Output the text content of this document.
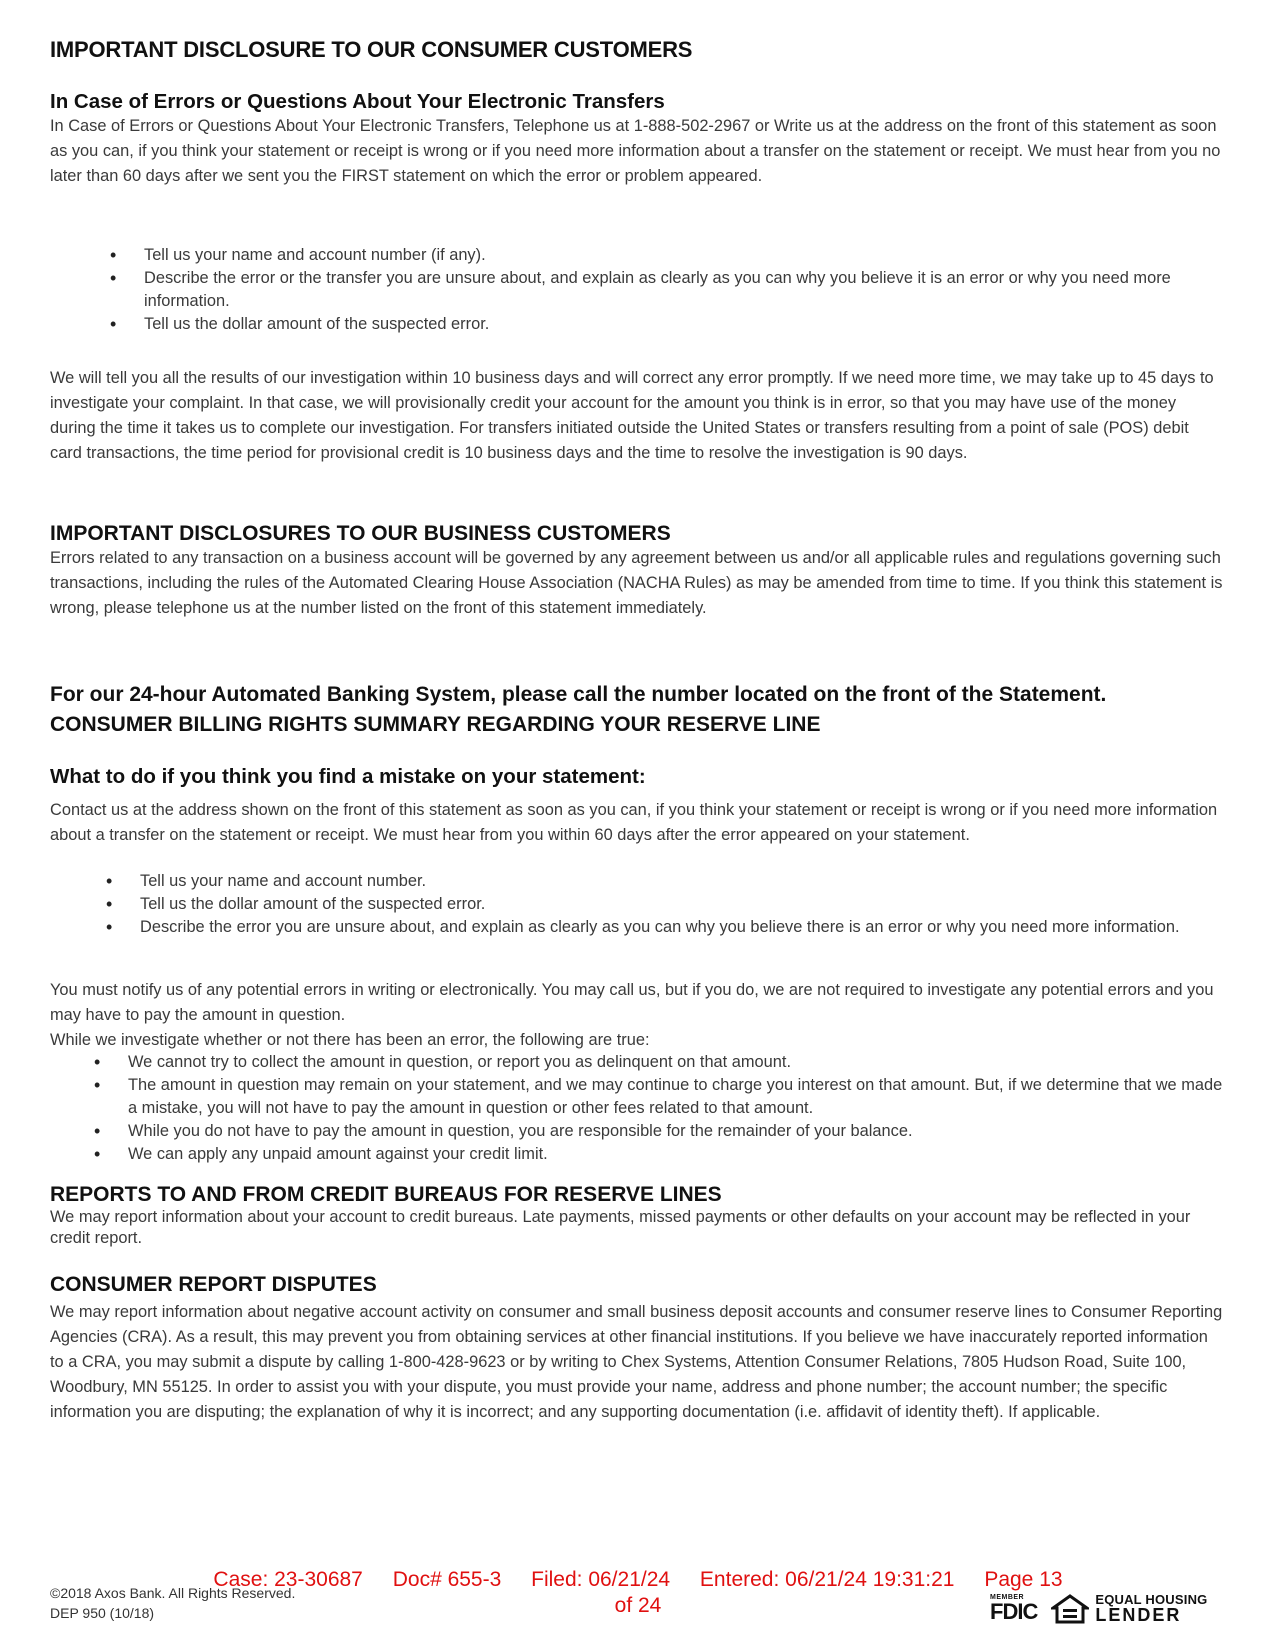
IMPORTANT DISCLOSURE TO OUR CONSUMER CUSTOMERS
In Case of Errors or Questions About Your Electronic Transfers

In Case of Errors or Questions About Your Electronic Transfers, Telephone us at 1-888-502-2967 or Write us at the address on the front of this statement as soon as you can, if you think your statement or receipt is wrong or if you need more information about a transfer on the statement or receipt. We must hear from you no later than 60 days after we sent you the FIRST statement on which the error or problem appeared.

• Tell us your name and account number (if any).
• Describe the error or the transfer you are unsure about, and explain as clearly as you can why you believe it is an error or why you need more information.
• Tell us the dollar amount of the suspected error.

We will tell you all the results of our investigation within 10 business days and will correct any error promptly. If we need more time, we may take up to 45 days to investigate your complaint. In that case, we will provisionally credit your account for the amount you think is in error, so that you may have use of the money during the time it takes us to complete our investigation. For transfers initiated outside the United States or transfers resulting from a point of sale (POS) debit card transactions, the time period for provisional credit is 10 business days and the time to resolve the investigation is 90 days.

IMPORTANT DISCLOSURES TO OUR BUSINESS CUSTOMERS

Errors related to any transaction on a business account will be governed by any agreement between us and/or all applicable rules and regulations governing such transactions, including the rules of the Automated Clearing House Association (NACHA Rules) as may be amended from time to time. If you think this statement is wrong, please telephone us at the number listed on the front of this statement immediately.

For our 24-hour Automated Banking System, please call the number located on the front of the Statement.
CONSUMER BILLING RIGHTS SUMMARY REGARDING YOUR RESERVE LINE
What to do if you think you find a mistake on your statement:

Contact us at the address shown on the front of this statement as soon as you can, if you think your statement or receipt is wrong or if you need more information about a transfer on the statement or receipt. We must hear from you within 60 days after the error appeared on your statement.

• Tell us your name and account number.
• Tell us the dollar amount of the suspected error.
• Describe the error you are unsure about, and explain as clearly as you can why you believe there is an error or why you need more information.

You must notify us of any potential errors in writing or electronically. You may call us, but if you do, we are not required to investigate any potential errors and you may have to pay the amount in question.

While we investigate whether or not there has been an error, the following are true:

• We cannot try to collect the amount in question, or report you as delinquent on that amount.
• The amount in question may remain on your statement, and we may continue to charge you interest on that amount. But, if we determine that we made a mistake, you will not have to pay the amount in question or other fees related to that amount.
• While you do not have to pay the amount in question, you are responsible for the remainder of your balance.
• We can apply any unpaid amount against your credit limit.
REPORTS TO AND FROM CREDIT BUREAUS FOR RESERVE LINES

We may report information about your account to credit bureaus. Late payments, missed payments or other defaults on your account may be reflected in your credit report.

CONSUMER REPORT DISPUTES

We may report information about negative account activity on consumer and small business deposit accounts and consumer reserve lines to Consumer Reporting Agencies (CRA). As a result, this may prevent you from obtaining services at other financial institutions. If you believe we have inaccurately reported information to a CRA, you may submit a dispute by calling 1-800-428-9623 or by writing to Chex Systems, Attention Consumer Relations, 7805 Hudson Road, Suite 100, Woodbury, MN 55125. In order to assist you with your dispute, you must provide your name, address and phone number; the account number; the specific information you are disputing; the explanation of why it is incorrect; and any supporting documentation (i.e. affidavit of identity theft). If applicable.

©2018 Axos Bank. All Rights Reserved.
DEP 950 (10/18)
Case: 23-30687 Doc# 655-3 Filed: 06/21/24 Entered: 06/21/24 19:31:21 Page 13
of 24	MEMBER
FDIC	EQUAL HOUSING
LENDER
